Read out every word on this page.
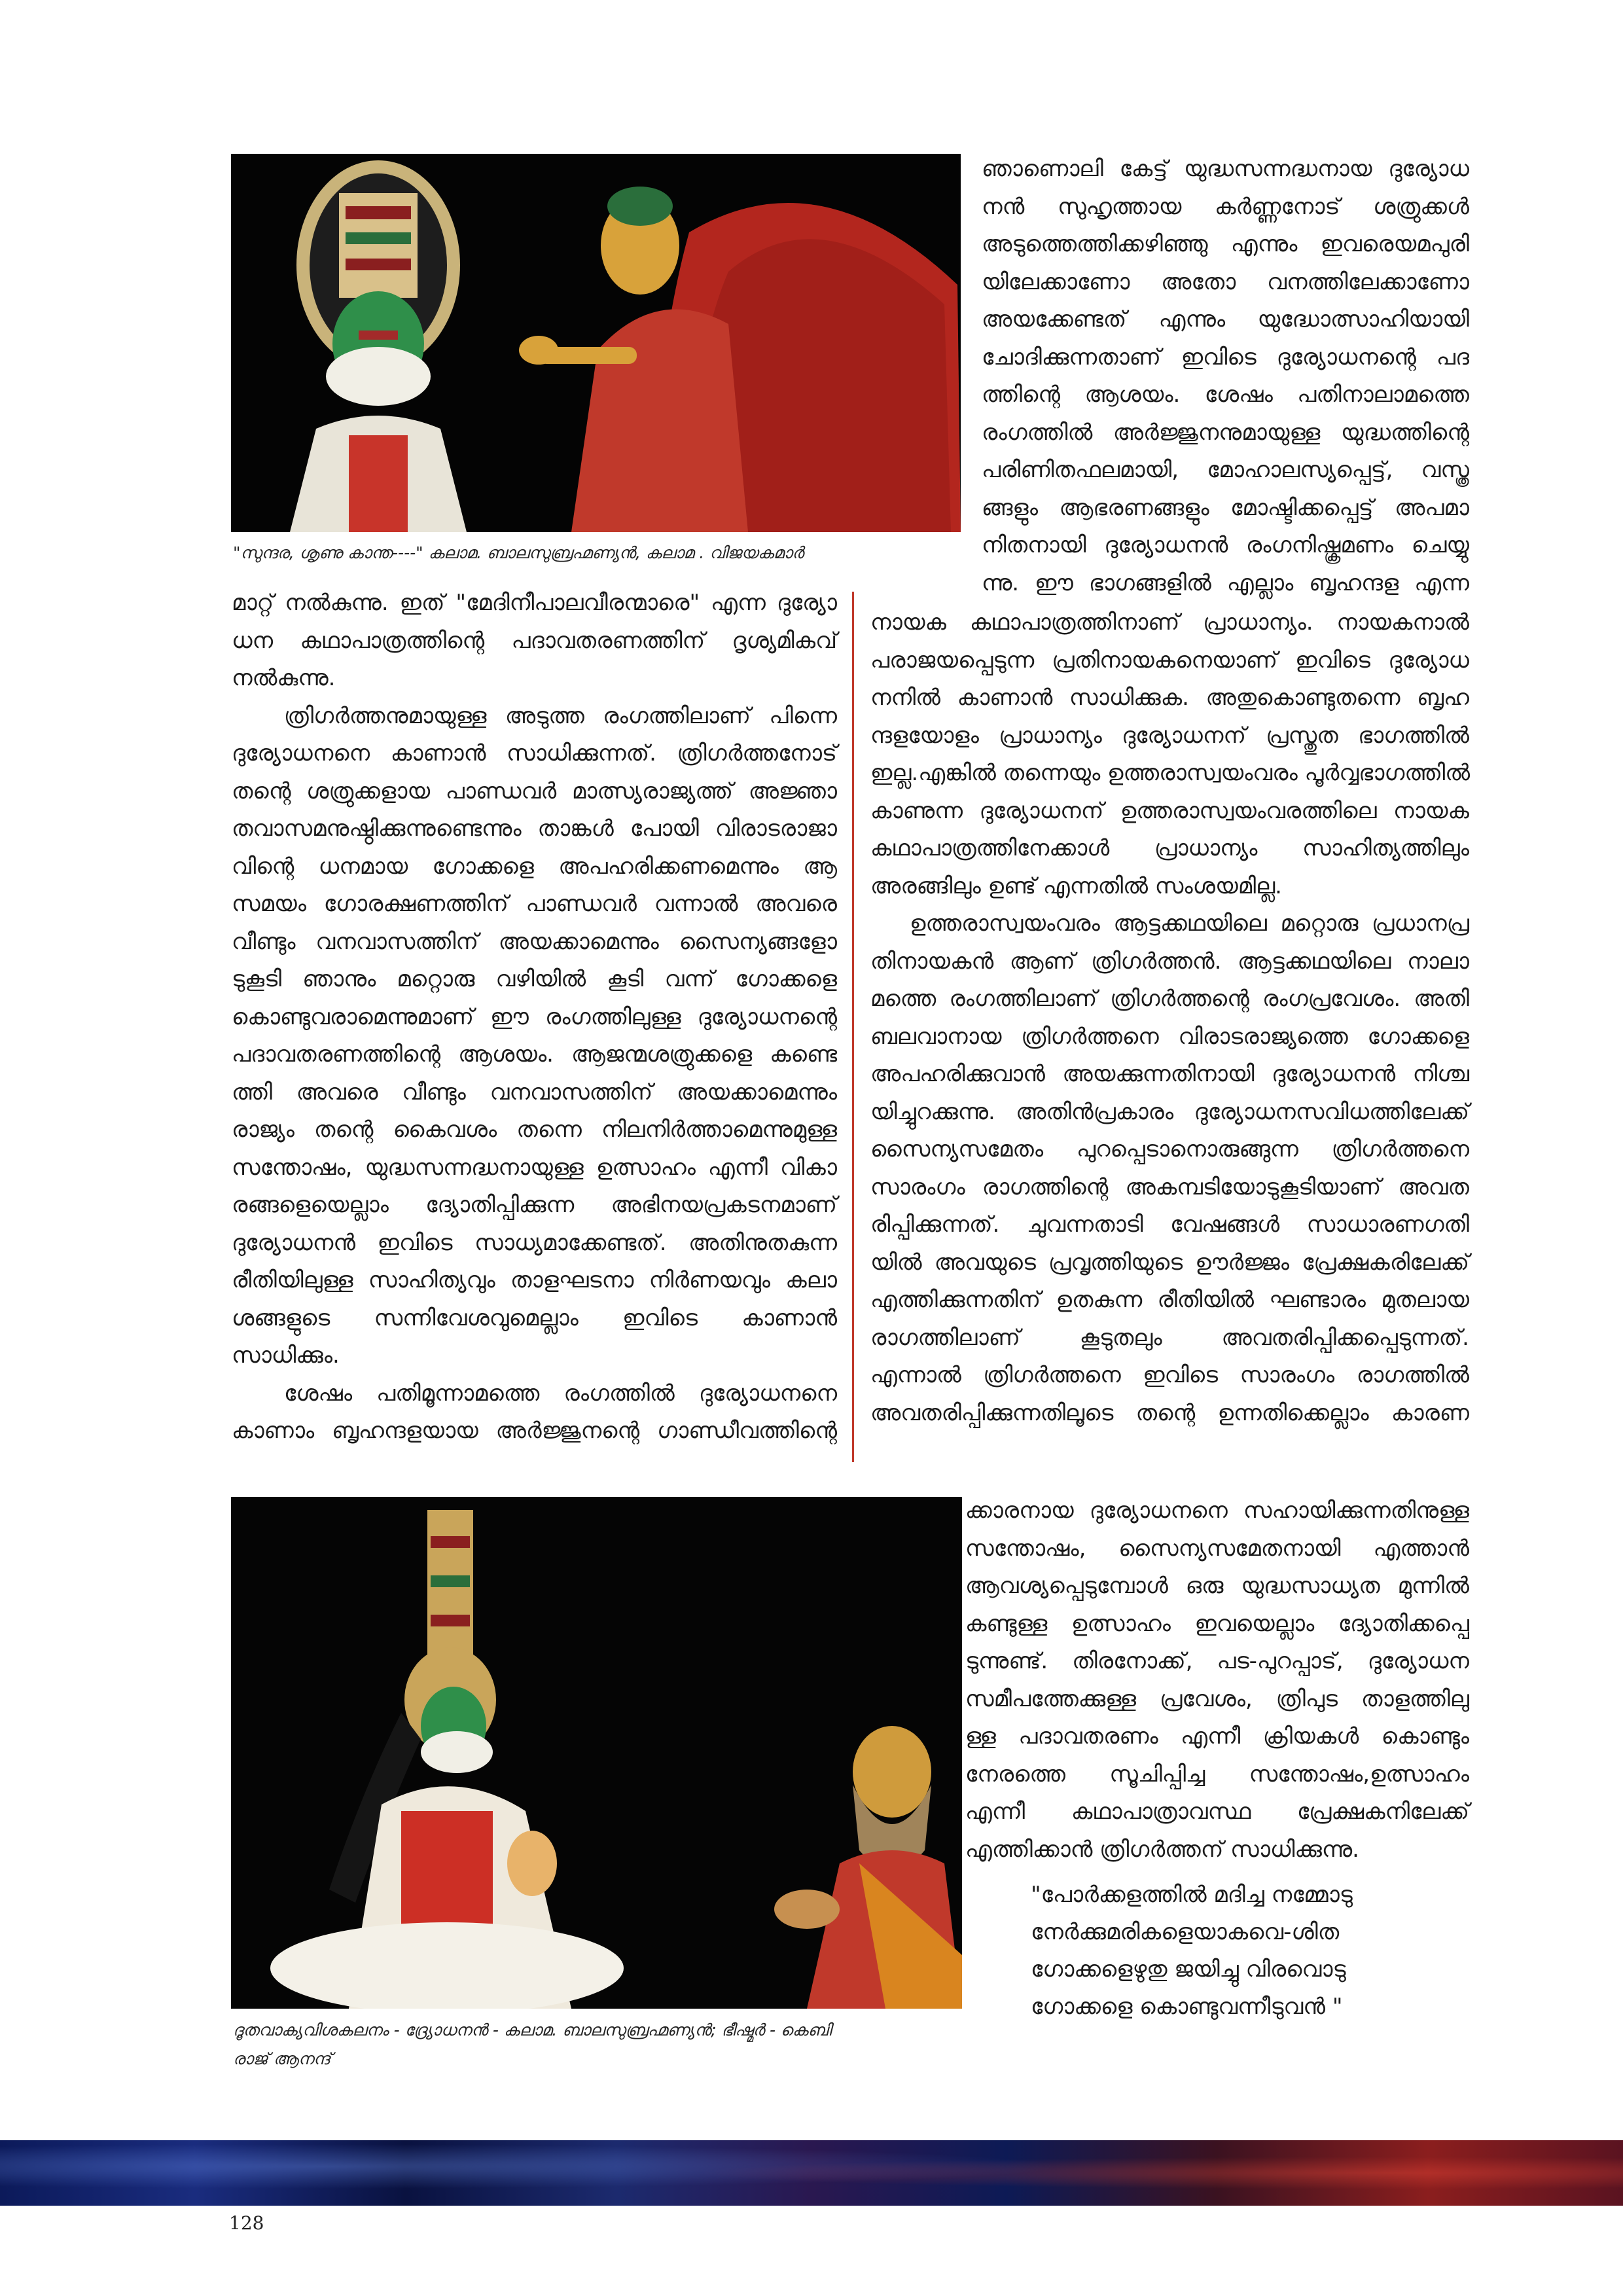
"സുന്ദര, ശൃണു കാന്ത----" കലാമ. ബാലസുബ്രഹ്മണ്യൻ, കലാമ . വിജയകമാർ
ഞാണൊലി കേട്ട് യുദ്ധസന്നദ്ധനായ ദുര്യോധ
നൻ സുഹൃത്തായ കർണ്ണനോട് ശത്രുക്കൾ
അടുത്തെത്തിക്കഴിഞ്ഞു എന്നും ഇവരെയമപുരി
യിലേക്കാണോ അതോ വനത്തിലേക്കാണോ
അയക്കേണ്ടത് എന്നും യുദ്ധോത്സാഹിയായി
ചോദിക്കുന്നതാണ് ഇവിടെ ദുര്യോധനന്റെ പദ
ത്തിന്റെ ആശയം. ശേഷം പതിനാലാമത്തെ
രംഗത്തിൽ അർജ്ജുനനുമായുള്ള യുദ്ധത്തിന്റെ
പരിണിതഫലമായി, മോഹാലസ്യപ്പെട്ട്, വസ്ത്ര
ങ്ങളും ആഭരണങ്ങളും മോഷ്ടിക്കപ്പെട്ട് അപമാ
നിതനായി ദുര്യോധനൻ രംഗനിഷ്ക്രമണം ചെയ്യു
ന്നു. ഈ ഭാഗങ്ങളിൽ എല്ലാം ബൃഹന്ദള എന്ന
മാറ്റ് നൽകുന്നു. ഇത് "മേദിനീപാലവീരന്മാരെ" എന്ന ദുര്യോ
ധന കഥാപാത്രത്തിന്റെ പദാവതരണത്തിന് ദൃശ്യമികവ്
നൽകുന്നു.
ത്രിഗർത്തനുമായുള്ള അടുത്ത രംഗത്തിലാണ് പിന്നെ
ദുര്യോധനനെ കാണാൻ സാധിക്കുന്നത്. ത്രിഗർത്തനോട്
തന്റെ ശത്രുക്കളായ പാണ്ഡവർ മാത്സ്യരാജ്യത്ത് അജ്ഞാ
തവാസമനുഷ്ഠിക്കുന്നുണ്ടെന്നും താങ്കൾ പോയി വിരാടരാജാ
വിന്റെ ധനമായ ഗോക്കളെ അപഹരിക്കണമെന്നും ആ
സമയം ഗോരക്ഷണത്തിന് പാണ്ഡവർ വന്നാൽ അവരെ
വീണ്ടും വനവാസത്തിന് അയക്കാമെന്നും സൈന്യങ്ങളോ
ടുകൂടി ഞാനും മറ്റൊരു വഴിയിൽ കൂടി വന്ന് ഗോക്കളെ
കൊണ്ടുവരാമെന്നുമാണ് ഈ രംഗത്തിലുള്ള ദുര്യോധനന്റെ
പദാവതരണത്തിന്റെ ആശയം. ആജന്മശത്രുക്കളെ കണ്ടെ
ത്തി അവരെ വീണ്ടും വനവാസത്തിന് അയക്കാമെന്നും
രാജ്യം തന്റെ കൈവശം തന്നെ നിലനിർത്താമെന്നുമുള്ള
സന്തോഷം, യുദ്ധസന്നദ്ധനായുള്ള ഉത്സാഹം എന്നീ വികാ
രങ്ങളെയെല്ലാം ദ്യോതിപ്പിക്കുന്ന അഭിനയപ്രകടനമാണ്
ദുര്യോധനൻ ഇവിടെ സാധ്യമാക്കേണ്ടത്. അതിനുതകുന്ന
രീതിയിലുള്ള സാഹിത്യവും താളഘടനാ നിർണയവും കലാ
ശങ്ങളുടെ സന്നിവേശവുമെല്ലാം ഇവിടെ കാണാൻ
സാധിക്കും.
ശേഷം പതിമൂന്നാമത്തെ രംഗത്തിൽ ദുര്യോധനനെ
കാണാം ബൃഹന്ദളയായ അർജ്ജുനന്റെ ഗാണ്ഡീവത്തിന്റെ
നായക കഥാപാത്രത്തിനാണ് പ്രാധാന്യം. നായകനാൽ
പരാജയപ്പെടുന്ന പ്രതിനായകനെയാണ് ഇവിടെ ദുര്യോധ
നനിൽ കാണാൻ സാധിക്കുക. അതുകൊണ്ടുതന്നെ ബൃഹ
ന്ദളയോളം പ്രാധാന്യം ദുര്യോധനന് പ്രസ്തുത ഭാഗത്തിൽ
ഇല്ല.എങ്കിൽ തന്നെയും ഉത്തരാസ്വയംവരം പൂർവ്വഭാഗത്തിൽ
കാണുന്ന ദുര്യോധനന് ഉത്തരാസ്വയംവരത്തിലെ നായക
കഥാപാത്രത്തിനേക്കാൾ പ്രാധാന്യം സാഹിത്യത്തിലും
അരങ്ങിലും ഉണ്ട് എന്നതിൽ സംശയമില്ല.
ഉത്തരാസ്വയംവരം ആട്ടക്കഥയിലെ മറ്റൊരു പ്രധാനപ്ര
തിനായകൻ ആണ് ത്രിഗർത്തൻ. ആട്ടക്കഥയിലെ നാലാ
മത്തെ രംഗത്തിലാണ് ത്രിഗർത്തന്റെ രംഗപ്രവേശം. അതി
ബലവാനായ ത്രിഗർത്തനെ വിരാടരാജ്യത്തെ ഗോക്കളെ
അപഹരിക്കുവാൻ അയക്കുന്നതിനായി ദുര്യോധനൻ നിശ്ച
യിച്ചുറക്കുന്നു. അതിൻപ്രകാരം ദുര്യോധനസവിധത്തിലേക്ക്
സൈന്യസമേതം പുറപ്പെടാനൊരുങ്ങുന്ന ത്രിഗർത്തനെ
സാരംഗം രാഗത്തിന്റെ അകമ്പടിയോടുകൂടിയാണ് അവത
രിപ്പിക്കുന്നത്. ചുവന്നതാടി വേഷങ്ങൾ സാധാരണഗതി
യിൽ അവയുടെ പ്രവൃത്തിയുടെ ഊർജ്ജം പ്രേക്ഷകരിലേക്ക്
എത്തിക്കുന്നതിന് ഉതകുന്ന രീതിയിൽ ഘണ്ടാരം മുതലായ
രാഗത്തിലാണ് കൂടുതലും അവതരിപ്പിക്കപ്പെടുന്നത്.
എന്നാൽ ത്രിഗർത്തനെ ഇവിടെ സാരംഗം രാഗത്തിൽ
അവതരിപ്പിക്കുന്നതിലൂടെ തന്റെ ഉന്നതിക്കെല്ലാം കാരണ
ക്കാരനായ ദുര്യോധനനെ സഹായിക്കുന്നതിനുള്ള
സന്തോഷം, സൈന്യസമേതനായി എത്താൻ
ആവശ്യപ്പെടുമ്പോൾ ഒരു യുദ്ധസാധ്യത മുന്നിൽ
കണ്ടുള്ള ഉത്സാഹം ഇവയെല്ലാം ദ്യോതിക്കപ്പെ
ടുന്നുണ്ട്. തിരനോക്ക്, പട-പുറപ്പാട്, ദുര്യോധന
സമീപത്തേക്കുള്ള പ്രവേശം, ത്രിപുട താളത്തിലു
ള്ള പദാവതരണം എന്നീ ക്രിയകൾ കൊണ്ടും
നേരത്തെ സൂചിപ്പിച്ച സന്തോഷം,ഉത്സാഹം
എന്നീ കഥാപാത്രാവസ്ഥ പ്രേക്ഷകനിലേക്ക്
എത്തിക്കാൻ ത്രിഗർത്തന് സാധിക്കുന്നു.
"പോർക്കളത്തിൽ മദിച്ച നമ്മോടു
നേർക്കുമരികളെയാകവെ-ശിത
ഗോക്കളെഴുതു ജയിച്ചു വിരവൊടു
ഗോക്കളെ കൊണ്ടുവന്നീടുവൻ "
ദൂതവാക്യവിശകലനം - ദ്ര്യോധനൻ - കലാമ. ബാലസുബ്രഹ്മണ്യൻ; ഭീഷ്മർ - കെബി
രാജ് ആനന്ദ്
128
